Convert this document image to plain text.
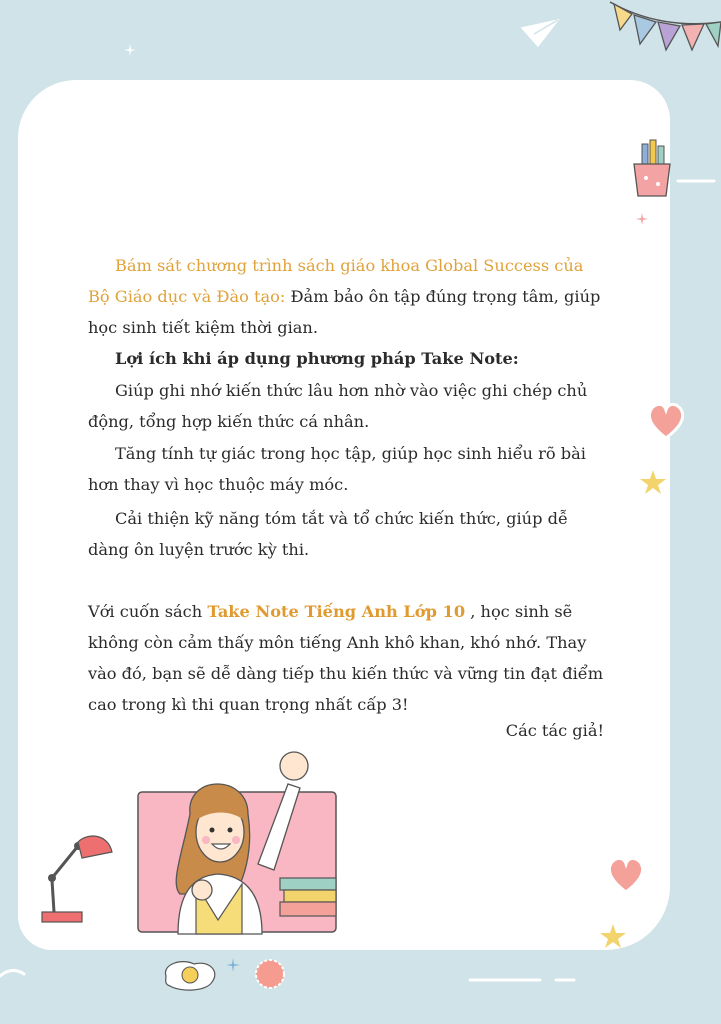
Bám sát chương trình sách giáo khoa Global Success của Bộ Giáo dục và Đào tạo: Đảm bảo ôn tập đúng trọng tâm, giúp học sinh tiết kiệm thời gian.

Lợi ích khi áp dụng phương pháp Take Note:

Giúp ghi nhớ kiến thức lâu hơn nhờ vào việc ghi chép chủ động, tổng hợp kiến thức cá nhân.

Tăng tính tự giác trong học tập, giúp học sinh hiểu rõ bài hơn thay vì học thuộc máy móc.

Cải thiện kỹ năng tóm tắt và tổ chức kiến thức, giúp dễ dàng ôn luyện trước kỳ thi.

Với cuốn sách Take Note Tiếng Anh Lớp 10 , học sinh sẽ không còn cảm thấy môn tiếng Anh khô khan, khó nhớ. Thay vào đó, bạn sẽ dễ dàng tiếp thu kiến thức và vững tin đạt điểm cao trong kì thi quan trọng nhất cấp 3!

Các tác giả!
